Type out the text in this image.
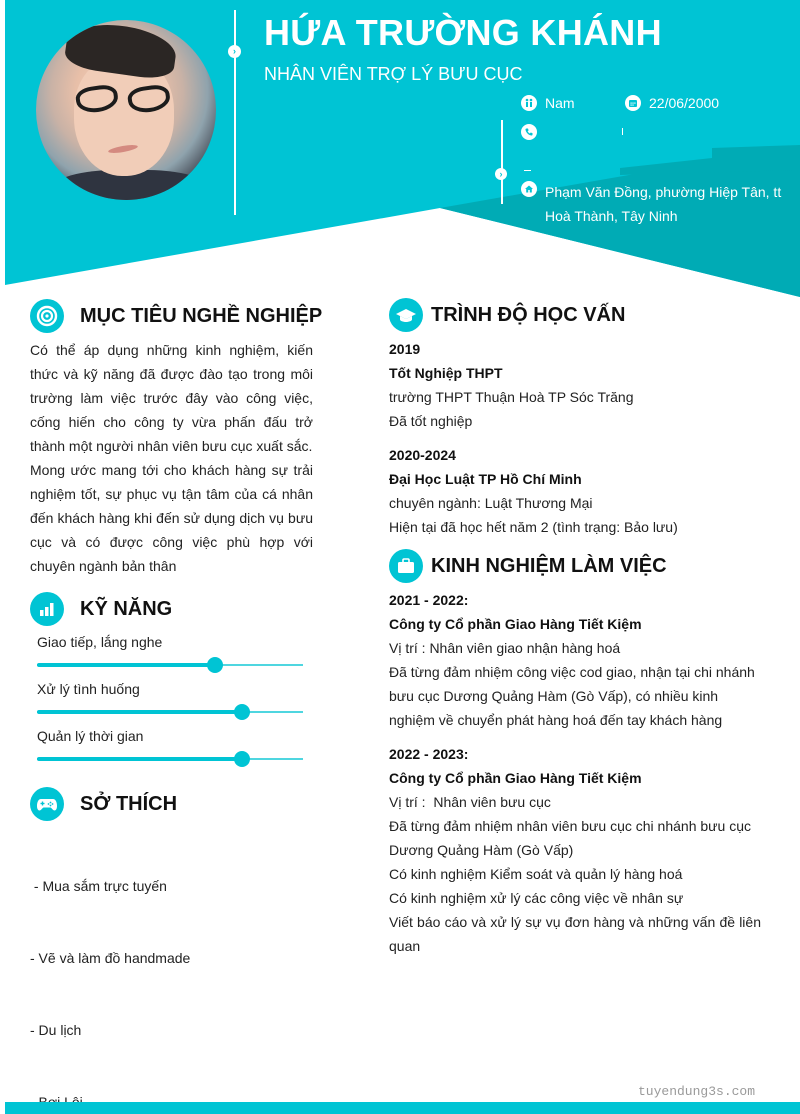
› HỨA TRƯỜNG KHÁNH
NHÂN VIÊN TRỢ LÝ BƯU CỤC
›
Nam	22/06/2000
Phạm Văn Đồng, phường Hiệp Tân, tt Hoà Thành, Tây Ninh
MỤC TIÊU NGHỀ NGHIỆP

Có thể áp dụng những kinh nghiệm, kiến thức và kỹ năng đã được đào tạo trong môi trường làm việc trước đây vào công việc, cống hiến cho công ty vừa phấn đấu trở thành một người nhân viên bưu cục xuất sắc.

Mong ước mang tới cho khách hàng sự trải nghiệm tốt, sự phục vụ tận tâm của cá nhân đến khách hàng khi đến sử dụng dịch vụ bưu cục và có được công việc phù hợp với chuyên ngành bản thân

KỸ NĂNG
Giao tiếp, lắng nghe
Xử lý tình huống
Quản lý thời gian
SỞ THÍCH

- Mua sắm trực tuyến

- Vẽ và làm đồ handmade

- Du lịch

TRÌNH ĐỘ HỌC VẤN
2019
Tốt Nghiệp THPT
trường THPT Thuận Hoà TP Sóc Trăng
Đã tốt nghiệp
2020-2024
Đại Học Luật TP Hồ Chí Minh
chuyên ngành: Luật Thương Mại
Hiện tại đã học hết năm 2 (tình trạng: Bảo lưu)
KINH NGHIỆM LÀM VIỆC
2021 - 2022:
Công ty Cổ phần Giao Hàng Tiết Kiệm
Vị trí : Nhân viên giao nhận hàng hoá
Đã từng đảm nhiệm công việc cod giao, nhận tại chi nhánh bưu cục Dương Quảng Hàm (Gò Vấp), có nhiều kinh nghiệm về chuyển phát hàng hoá đến tay khách hàng
2022 - 2023:
Công ty Cổ phần Giao Hàng Tiết Kiệm
Vị trí :  Nhân viên bưu cục
Đã từng đảm nhiệm nhân viên bưu cục chi nhánh bưu cục Dương Quảng Hàm (Gò Vấp)
Có kinh nghiệm Kiểm soát và quản lý hàng hoá
Có kinh nghiệm xử lý các công việc về nhân sự
Viết báo cáo và xử lý sự vụ đơn hàng và những vấn đề liên quan
tuyendung3s.com
